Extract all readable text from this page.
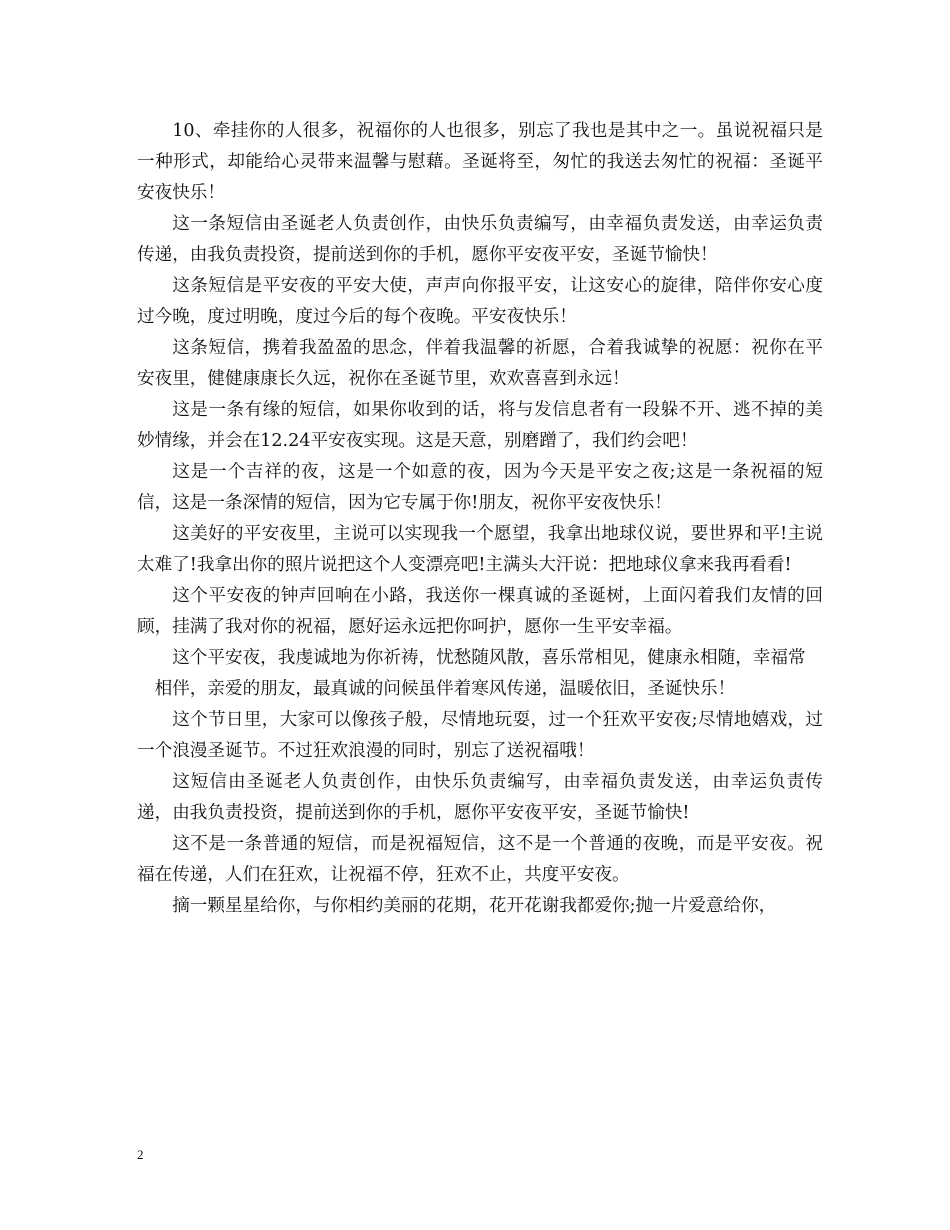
10、牵挂你的人很多，祝福你的人也很多，别忘了我也是其中之一。虽说祝福只是一种形式，却能给心灵带来温馨与慰藉。圣诞将至，匆忙的我送去匆忙的祝福：圣诞平安夜快乐！

这一条短信由圣诞老人负责创作，由快乐负责编写，由幸福负责发送，由幸运负责传递，由我负责投资，提前送到你的手机，愿你平安夜平安，圣诞节愉快！

这条短信是平安夜的平安大使，声声向你报平安，让这安心的旋律，陪伴你安心度过今晚，度过明晚，度过今后的每个夜晚。平安夜快乐！

这条短信，携着我盈盈的思念，伴着我温馨的祈愿，合着我诚挚的祝愿：祝你在平安夜里，健健康康长久远，祝你在圣诞节里，欢欢喜喜到永远！

这是一条有缘的短信，如果你收到的话，将与发信息者有一段躲不开、逃不掉的美妙情缘，并会在12.24平安夜实现。这是天意，别磨蹭了，我们约会吧！

这是一个吉祥的夜，这是一个如意的夜，因为今天是平安之夜;这是一条祝福的短信，这是一条深情的短信，因为它专属于你!朋友，祝你平安夜快乐！

这美好的平安夜里，主说可以实现我一个愿望，我拿出地球仪说，要世界和平!主说太难了!我拿出你的照片说把这个人变漂亮吧!主满头大汗说：把地球仪拿来我再看看!

这个平安夜的钟声回响在小路，我送你一棵真诚的圣诞树，上面闪着我们友情的回顾，挂满了我对你的祝福，愿好运永远把你呵护，愿你一生平安幸福。

这个平安夜，我虔诚地为你祈祷，忧愁随风散，喜乐常相见，健康永相随，幸福常

相伴，亲爱的朋友，最真诚的问候虽伴着寒风传递，温暖依旧，圣诞快乐！

这个节日里，大家可以像孩子般，尽情地玩耍，过一个狂欢平安夜;尽情地嬉戏，过一个浪漫圣诞节。不过狂欢浪漫的同时，别忘了送祝福哦！

这短信由圣诞老人负责创作，由快乐负责编写，由幸福负责发送，由幸运负责传递，由我负责投资，提前送到你的手机，愿你平安夜平安，圣诞节愉快!

这不是一条普通的短信，而是祝福短信，这不是一个普通的夜晚，而是平安夜。祝福在传递，人们在狂欢，让祝福不停，狂欢不止，共度平安夜。

摘一颗星星给你，与你相约美丽的花期，花开花谢我都爱你;抛一片爱意给你，

2
